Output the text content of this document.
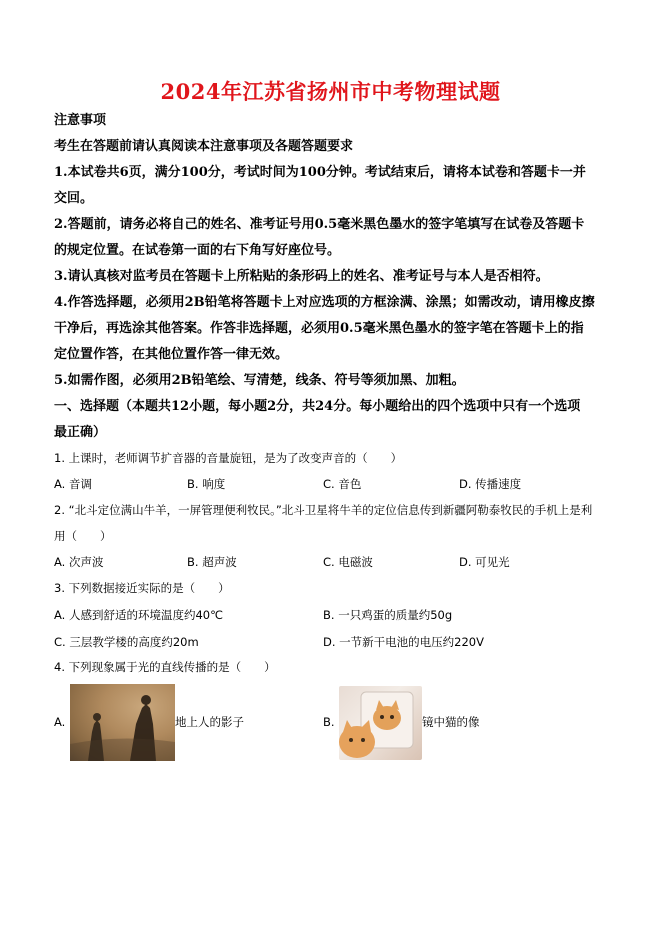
2024年江苏省扬州市中考物理试题
注意事项
考生在答题前请认真阅读本注意事项及各题答题要求
1.本试卷共6页，满分100分，考试时间为100分钟。考试结束后，请将本试卷和答题卡一并
交回。
2.答题前，请务必将自己的姓名、准考证号用0.5毫米黑色墨水的签字笔填写在试卷及答题卡
的规定位置。在试卷第一面的右下角写好座位号。
3.请认真核对监考员在答题卡上所粘贴的条形码上的姓名、准考证号与本人是否相符。
4.作答选择题，必须用2B铅笔将答题卡上对应选项的方框涂满、涂黑；如需改动，请用橡皮擦
干净后，再选涂其他答案。作答非选择题，必须用0.5毫米黑色墨水的签字笔在答题卡上的指
定位置作答，在其他位置作答一律无效。
5.如需作图，必须用2B铅笔绘、写清楚，线条、符号等须加黑、加粗。
一、选择题（本题共12小题，每小题2分，共24分。每小题给出的四个选项中只有一个选项
最正确）
1. 上课时，老师调节扩音器的音量旋钮，是为了改变声音的（　　）
A. 音调	B. 响度	C. 音色	D. 传播速度
2. “北斗定位满山牛羊，一屏管理便利牧民。”北斗卫星将牛羊的定位信息传到新疆阿勒泰牧民的手机上是利
用（　　）
A. 次声波	B. 超声波	C. 电磁波	D. 可见光
3. 下列数据接近实际的是（　　）
A. 人感到舒适的环境温度约40℃	B. 一只鸡蛋的质量约50g
C. 三层教学楼的高度约20m	D. 一节新干电池的电压约220V
4. 下列现象属于光的直线传播的是（　　）
A.	地上人的影子	B.	镜中猫的像
